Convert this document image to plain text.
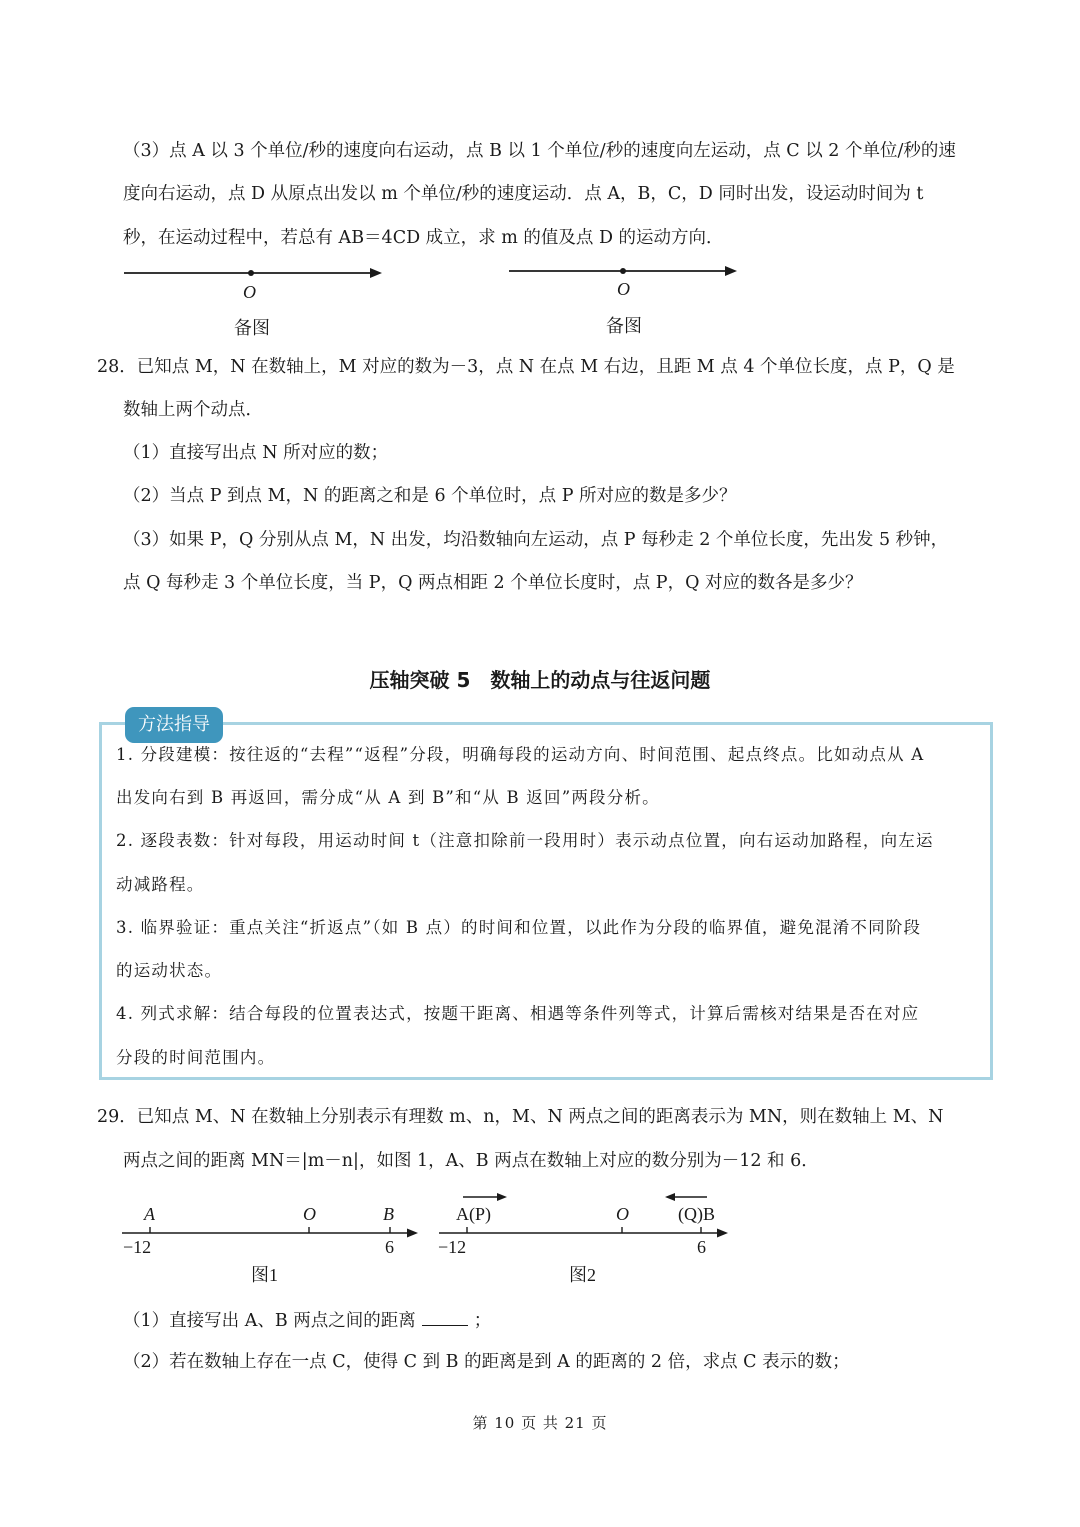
（3）点 A 以 3 个单位/秒的速度向右运动，点 B 以 1 个单位/秒的速度向左运动，点 C 以 2 个单位/秒的速
度向右运动，点 D 从原点出发以 m 个单位/秒的速度运动．点 A，B，C，D 同时出发，设运动时间为 t
秒，在运动过程中，若总有 AB＝4CD 成立，求 m 的值及点 D 的运动方向．
O
备图
O
备图
28．已知点 M，N 在数轴上，M 对应的数为－3，点 N 在点 M 右边，且距 M 点 4 个单位长度，点 P，Q 是
数轴上两个动点．
（1）直接写出点 N 所对应的数；
（2）当点 P 到点 M，N 的距离之和是 6 个单位时，点 P 所对应的数是多少？
（3）如果 P，Q 分别从点 M，N 出发，均沿数轴向左运动，点 P 每秒走 2 个单位长度，先出发 5 秒钟，
点 Q 每秒走 3 个单位长度，当 P，Q 两点相距 2 个单位长度时，点 P，Q 对应的数各是多少？
压轴突破 5　数轴上的动点与往返问题
方法指导
1. 分段建模：按往返的“去程”“返程”分段，明确每段的运动方向、时间范围、起点终点。比如动点从 A
出发向右到 B 再返回，需分成“从 A 到 B”和“从 B 返回”两段分析。
2. 逐段表数：针对每段，用运动时间 t（注意扣除前一段用时）表示动点位置，向右运动加路程，向左运
动减路程。
3. 临界验证：重点关注“折返点”（如 B 点）的时间和位置，以此作为分段的临界值，避免混淆不同阶段
的运动状态。
4. 列式求解：结合每段的位置表达式，按题干距离、相遇等条件列等式，计算后需核对结果是否在对应
分段的时间范围内。
29．已知点 M、N 在数轴上分别表示有理数 m、n，M、N 两点之间的距离表示为 MN，则在数轴上 M、N
两点之间的距离 MN＝|m－n|，如图 1，A、B 两点在数轴上对应的数分别为－12 和 6．
A	O	B
−12	6
图1
A(P)	O	(Q)B
−12	6
图2
（1）直接写出 A、B 两点之间的距离	；
（2）若在数轴上存在一点 C，使得 C 到 B 的距离是到 A 的距离的 2 倍，求点 C 表示的数；
第 10 页 共 21 页
